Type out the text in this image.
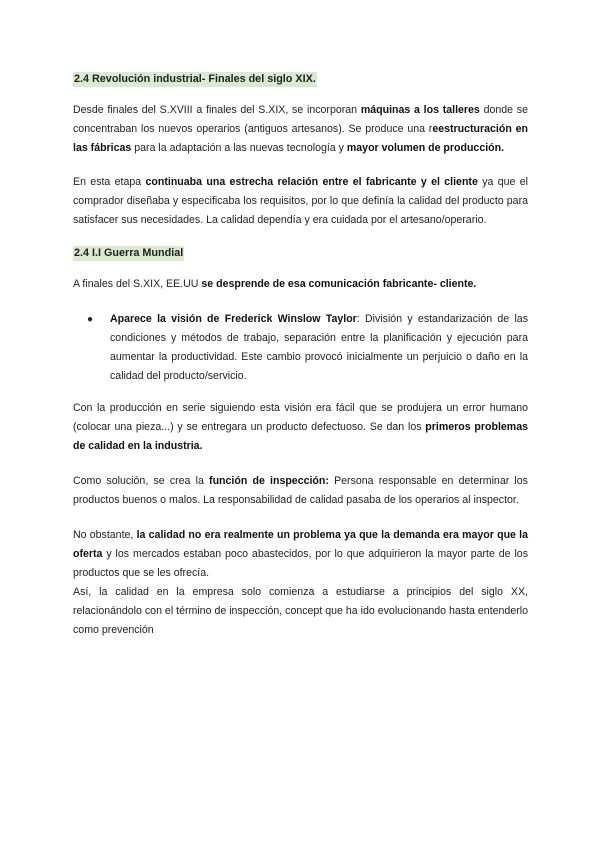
2.4 Revolución industrial- Finales del siglo XIX.

Desde finales del S.XVIII a finales del S.XIX, se incorporan máquinas a los talleres donde se concentraban los nuevos operarios (antiguos artesanos). Se produce una reestructuración en las fábricas para la adaptación a las nuevas tecnología y mayor volumen de producción.

En esta etapa continuaba una estrecha relación entre el fabricante y el cliente ya que el comprador diseñaba y especificaba los requisitos, por lo que definía la calidad del producto para satisfacer sus necesidades. La calidad dependía y era cuidada por el artesano/operario.

2.4 I.I Guerra Mundial

A finales del S.XIX, EE.UU se desprende de esa comunicación fabricante- cliente.

● Aparece la visión de Frederick Winslow Taylor: División y estandarización de las condiciones y métodos de trabajo, separación entre la planificación y ejecución para aumentar la productividad. Este cambio provocó inicialmente un perjuicio o daño en la calidad del producto/servicio.

Con la producción en serie siguiendo esta visión era fácil que se produjera un error humano (colocar una pieza...) y se entregara un producto defectuoso. Se dan los primeros problemas de calidad en la industria.

Como solución, se crea la función de inspección: Persona responsable en determinar los productos buenos o malos. La responsabilidad de calidad pasaba de los operarios al inspector.

No obstante, la calidad no era realmente un problema ya que la demanda era mayor que la oferta y los mercados estaban poco abastecidos, por lo que adquirieron la mayor parte de los productos que se les ofrecía.

Así, la calidad en la empresa solo comienza a estudiarse a principios del siglo XX, relacionándolo con el término de inspección, concept que ha ido evolucionando hasta entenderlo como prevención
